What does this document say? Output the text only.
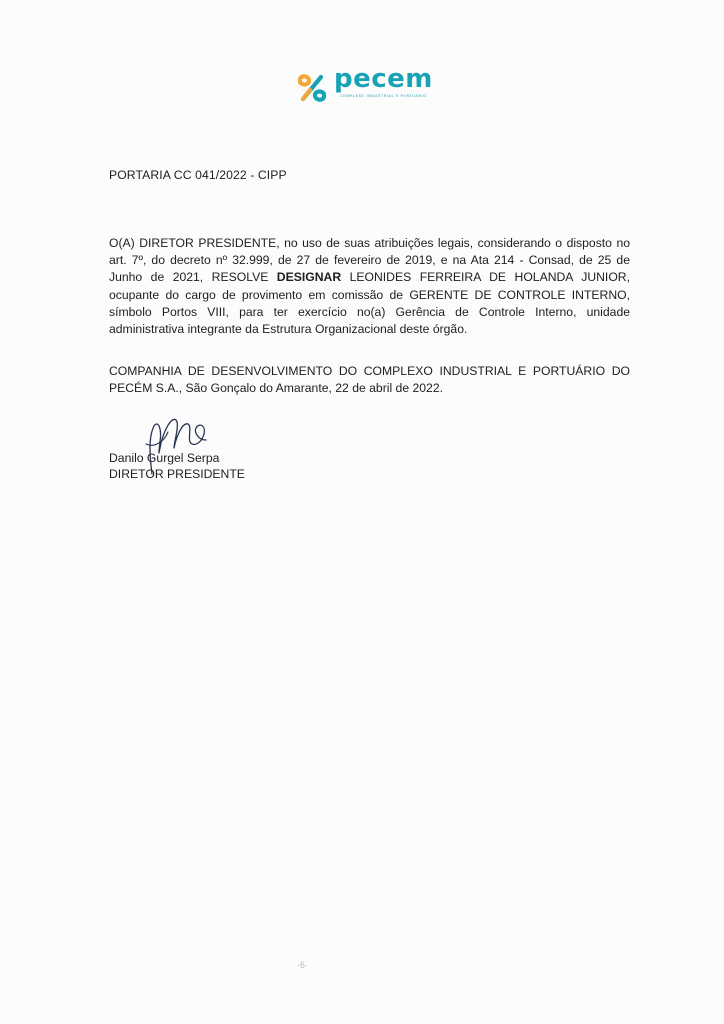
pecem
COMPLEXO INDUSTRIAL E PORTUÁRIO
PORTARIA CC 041/2022 - CIPP
O(A) DIRETOR PRESIDENTE, no uso de suas atribuições legais, considerando o disposto no art. 7º, do decreto nº 32.999, de 27 de fevereiro de 2019, e na Ata 214 - Consad, de 25 de Junho de 2021, RESOLVE DESIGNAR LEONIDES FERREIRA DE HOLANDA JUNIOR, ocupante do cargo de provimento em comissão de GERENTE DE CONTROLE INTERNO, símbolo Portos VIII, para ter exercício no(a) Gerência de Controle Interno, unidade administrativa integrante da Estrutura Organizacional deste órgão.
COMPANHIA DE DESENVOLVIMENTO DO COMPLEXO INDUSTRIAL E PORTUÁRIO DO PECÉM S.A., São Gonçalo do Amarante, 22 de abril de 2022.
Danilo Gurgel Serpa
DIRETOR PRESIDENTE
·6·
